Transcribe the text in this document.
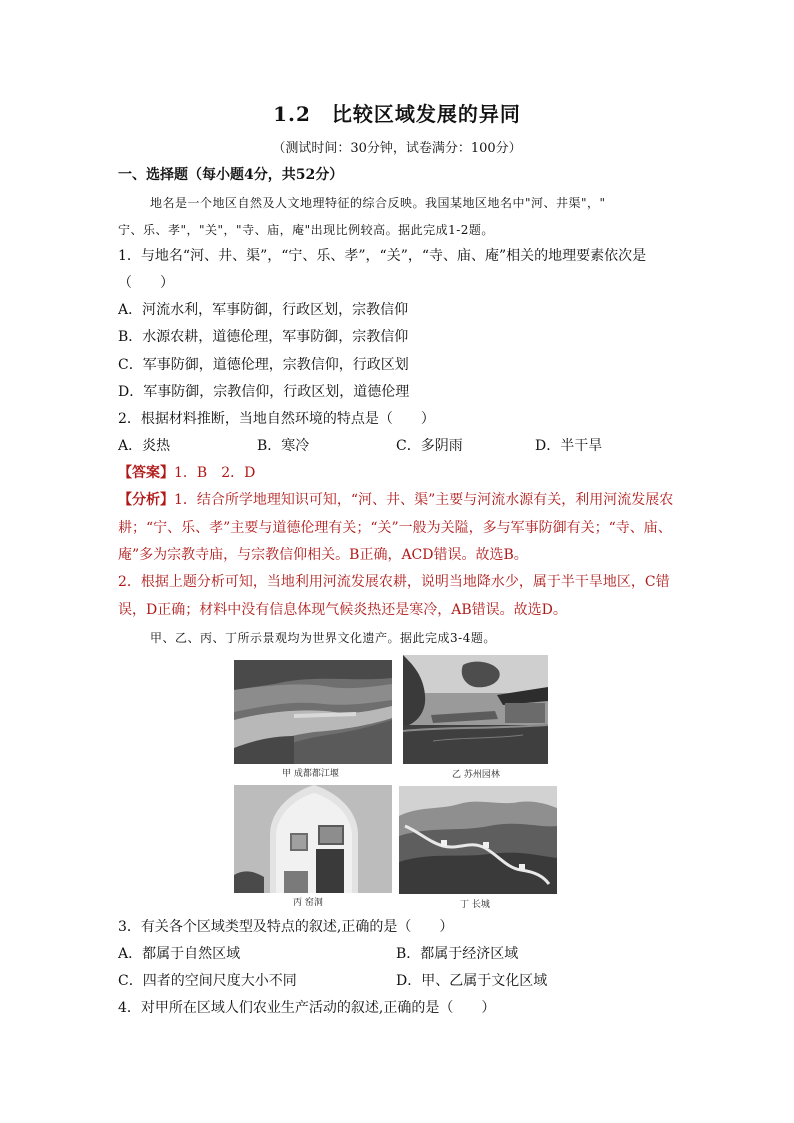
1.2　比较区域发展的异同
（测试时间：30分钟，试卷满分：100分）
一、选择题（每小题4分，共52分）
地名是一个地区自然及人文地理特征的综合反映。我国某地区地名中"河、井渠"，"
宁、乐、孝"，"关"，"寺、庙，庵"出现比例较高。据此完成1-2题。
1．与地名“河、井、渠”，“宁、乐、孝”，“关”，“寺、庙、庵”相关的地理要素依次是
（　　）
A．河流水利，军事防御，行政区划，宗教信仰
B．水源农耕，道德伦理，军事防御，宗教信仰
C．军事防御，道德伦理，宗教信仰，行政区划
D．军事防御，宗教信仰，行政区划，道德伦理
2．根据材料推断，当地自然环境的特点是（　　）
A．炎热	B．寒冷	C．多阴雨	D．半干旱
【答案】1．B　2．D
【分析】1．结合所学地理知识可知，“河、井、渠”主要与河流水源有关，利用河流发展农
耕；“宁、乐、孝”主要与道德伦理有关；“关”一般为关隘，多与军事防御有关；“寺、庙、
庵”多为宗教寺庙，与宗教信仰相关。B正确，ACD错误。故选B。
2．根据上题分析可知，当地利用河流发展农耕，说明当地降水少，属于半干旱地区，C错
误，D正确；材料中没有信息体现气候炎热还是寒冷，AB错误。故选D。
甲、乙、丙、丁所示景观均为世界文化遗产。据此完成3-4题。
甲 成都都江堰	乙 苏州园林
丙 窑洞	丁 长城
3．有关各个区域类型及特点的叙述,正确的是（　　）
A．都属于自然区域	B．都属于经济区域
C．四者的空间尺度大小不同	D．甲、乙属于文化区域
4．对甲所在区域人们农业生产活动的叙述,正确的是（　　）
